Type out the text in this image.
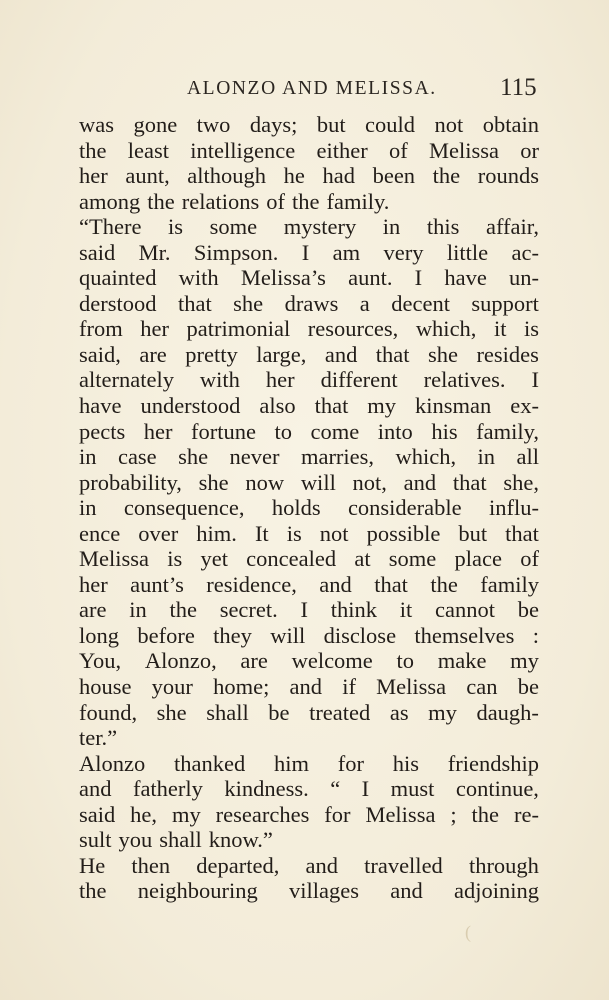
ALONZO AND MELISSA.	115
was gone two days; but could not obtain
the least intelligence either of Melissa or
her aunt, although he had been the rounds
among the relations of the family.
“There is some mystery in this affair,
said Mr. Simpson. I am very little ac-
quainted with Melissa’s aunt. I have un-
derstood that she draws a decent support
from her patrimonial resources, which, it is
said, are pretty large, and that she resides
alternately with her different relatives. I
have understood also that my kinsman ex-
pects her fortune to come into his family,
in case she never marries, which, in all
probability, she now will not, and that she,
in consequence, holds considerable influ-
ence over him. It is not possible but that
Melissa is yet concealed at some place of
her aunt’s residence, and that the family
are in the secret. I think it cannot be
long before they will disclose themselves :
You, Alonzo, are welcome to make my
house your home; and if Melissa can be
found, she shall be treated as my daugh-
ter.”
Alonzo thanked him for his friendship
and fatherly kindness. “ I must continue,
said he, my researches for Melissa ; the re-
sult you shall know.”
He then departed, and travelled through
the neighbouring villages and adjoining
(
